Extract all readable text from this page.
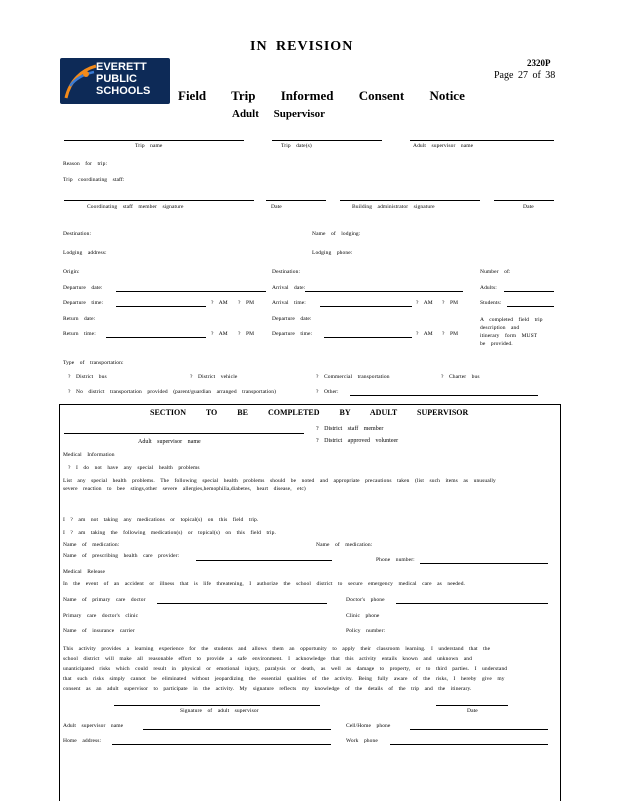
IN REVISION
2320P
Page 27 of 38
EVERETT
PUBLIC
SCHOOLS Field Trip Informed Consent Notice
Adult Supervisor
Trip name	Trip date(s)	Adult supervisor name
Reason for trip:
Trip coordinating staff:
Coordinating staff member signature	Date	Building administrator signature	Date
Destination:	Name of lodging:
Lodging address:	Lodging phone:
Origin:	Destination:	Number of:
Departure date:	Arrival date:	Adults:
Departure time:	? AM ? PM	Arrival time:	? AM ? PM	Students:
Return date:	Departure date:	A completed field trip
description and
itinerary form MUST
be provided.
Return time:	? AM ? PM	Departure time:	? AM ? PM
Type of transportation:
? District bus	? District vehicle	? Commercial transportation	? Charter bus
? No district transportation provided (parent/guardian arranged transportation)	? Other:
SECTION TO BE COMPLETED BY ADULT SUPERVISOR
Adult supervisor name
? District staff member
? District approved volunteer
Medical Information
? I do not have any special health problems
List any special health problems. The following special health problems should be noted and appropriate precautions taken (list such items as unusually
severe reaction to bee stings,other severe allergies,hemophilia,diabetes, heart disease, etc)
I ? am not taking any medications or topical(s) on this field trip.
I ? am taking the following medication(s) or topical(s) on this field trip.
Name of medication:	Name of medication:
Name of prescribing health care provider:
Phone number:
Medical Release
In the event of an accident or illness that is life threatening, I authorize the school district to secure emergency medical care as needed.
Name of primary care doctor	Doctor's phone
Primary care doctor's clinic	Clinic phone
Name of insurance carrier	Policy number:
This activity provides a learning experience for the students and allows them an opportunity to apply their classroom learning. I understand that the
school district will make all reasonable effort to provide a safe environment. I acknowledge that this activity entails known and unknown and
unanticipated risks which could result in physical or emotional injury, paralysis or death, as well as damage to property, or to third parties. I understand
that such risks simply cannot be eliminated without jeopardizing the essential qualities of the activity. Being fully aware of the risks, I hereby give my
consent as an adult supervisor to participate in the activity. My signature reflects my knowledge of the details of the trip and the itinerary.
Signature of adult supervisor	Date
Adult supervisor name	Cell/Home phone
Home address:	Work phone
